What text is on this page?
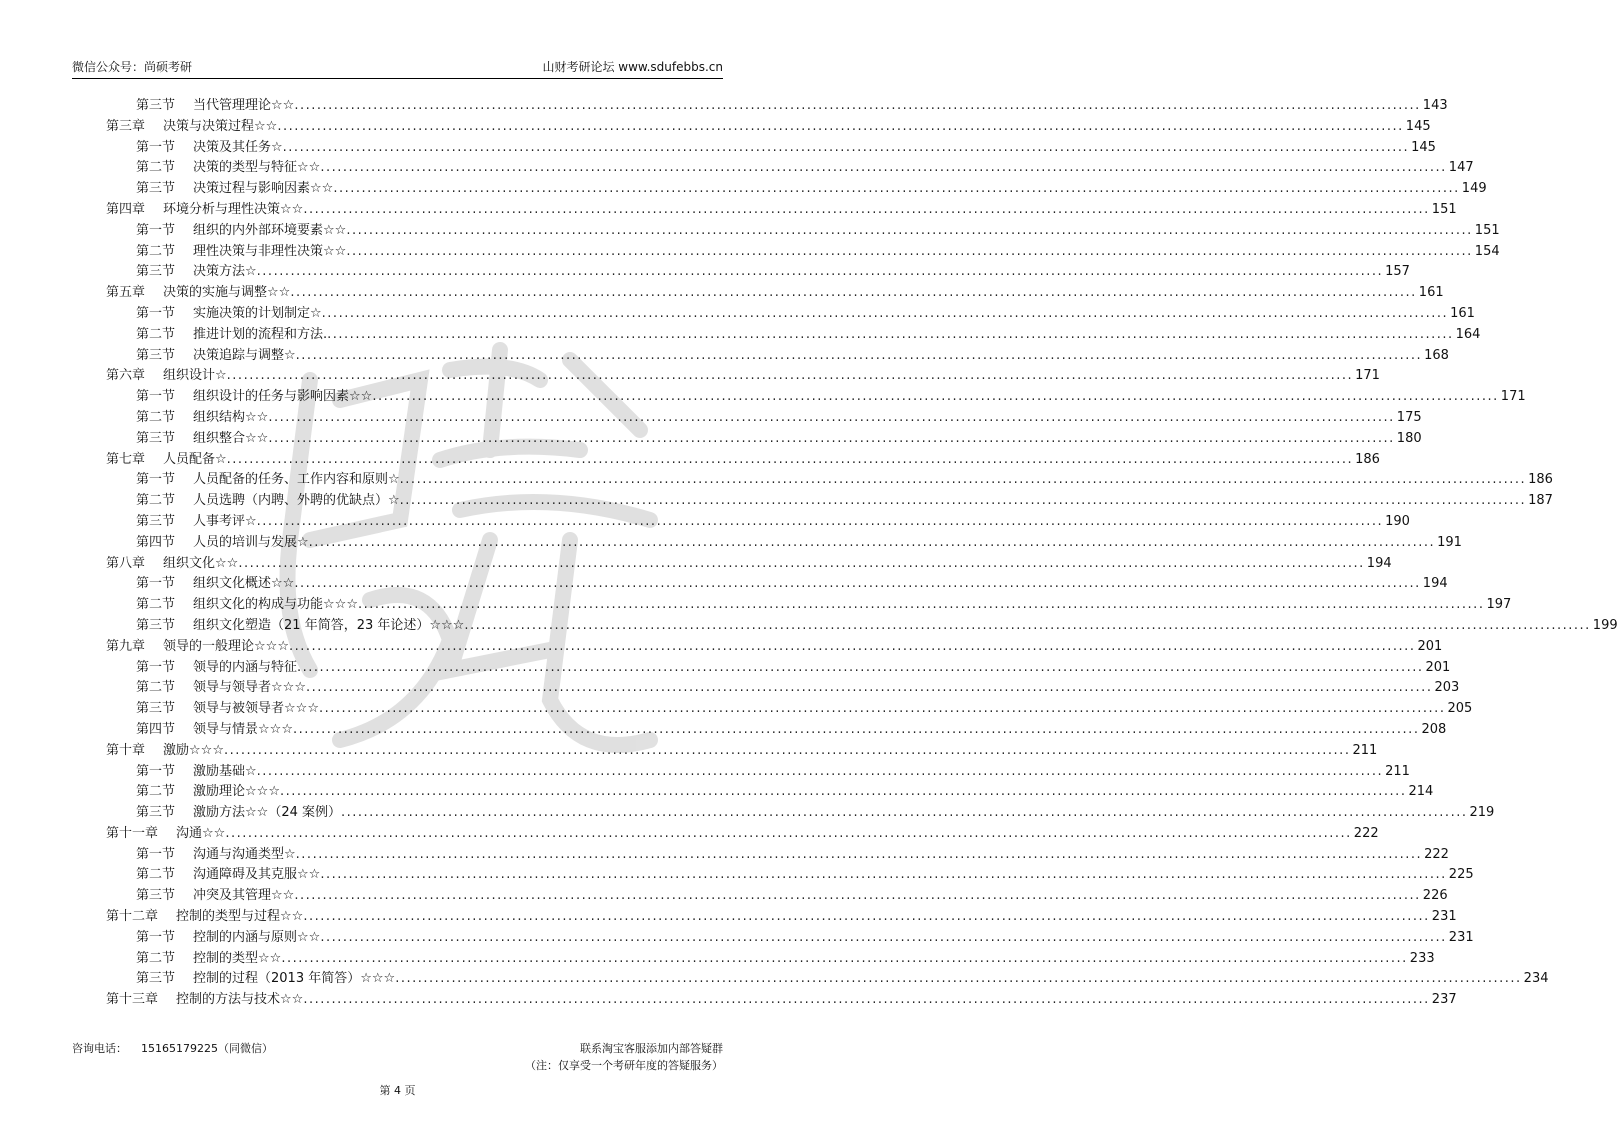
微信公众号：尚硕考研	山财考研论坛 www.sdufebbs.cn
第三节 当代管理理论☆☆ ........................................................................................................................................................................................................ 143
第三章 决策与决策过程☆☆ ........................................................................................................................................................................................................ 145
第一节 决策及其任务☆ ........................................................................................................................................................................................................ 145
第二节 决策的类型与特征☆☆ ........................................................................................................................................................................................................ 147
第三节 决策过程与影响因素☆☆ ........................................................................................................................................................................................................ 149
第四章 环境分析与理性决策☆☆ ........................................................................................................................................................................................................ 151
第一节 组织的内外部环境要素☆☆ ........................................................................................................................................................................................................ 151
第二节 理性决策与非理性决策☆☆ ........................................................................................................................................................................................................ 154
第三节 决策方法☆ ........................................................................................................................................................................................................ 157
第五章 决策的实施与调整☆☆ ........................................................................................................................................................................................................ 161
第一节 实施决策的计划制定☆ ........................................................................................................................................................................................................ 161
第二节 推进计划的流程和方法. ........................................................................................................................................................................................................ 164
第三节 决策追踪与调整☆ ........................................................................................................................................................................................................ 168
第六章 组织设计☆ ........................................................................................................................................................................................................ 171
第一节 组织设计的任务与影响因素☆☆ ........................................................................................................................................................................................................ 171
第二节 组织结构☆☆ ........................................................................................................................................................................................................ 175
第三节 组织整合☆☆ ........................................................................................................................................................................................................ 180
第七章 人员配备☆ ........................................................................................................................................................................................................ 186
第一节 人员配备的任务、工作内容和原则☆ ........................................................................................................................................................................................................ 186
第二节 人员选聘（内聘、外聘的优缺点）☆ ........................................................................................................................................................................................................ 187
第三节 人事考评☆ ........................................................................................................................................................................................................ 190
第四节 人员的培训与发展☆ ........................................................................................................................................................................................................ 191
第八章 组织文化☆☆ ........................................................................................................................................................................................................ 194
第一节 组织文化概述☆☆ ........................................................................................................................................................................................................ 194
第二节 组织文化的构成与功能☆☆☆ ........................................................................................................................................................................................................ 197
第三节 组织文化塑造（21 年简答，23 年论述）☆☆☆ ........................................................................................................................................................................................................ 199
第九章 领导的一般理论☆☆☆ ........................................................................................................................................................................................................ 201
第一节 领导的内涵与特征 ........................................................................................................................................................................................................ 201
第二节 领导与领导者☆☆☆ ........................................................................................................................................................................................................ 203
第三节 领导与被领导者☆☆☆ ........................................................................................................................................................................................................ 205
第四节 领导与情景☆☆☆ ........................................................................................................................................................................................................ 208
第十章 激励☆☆☆ ........................................................................................................................................................................................................ 211
第一节 激励基础☆ ........................................................................................................................................................................................................ 211
第二节 激励理论☆☆☆ ........................................................................................................................................................................................................ 214
第三节 激励方法☆☆（24 案例） ........................................................................................................................................................................................................ 219
第十一章 沟通☆☆ ........................................................................................................................................................................................................ 222
第一节 沟通与沟通类型☆ ........................................................................................................................................................................................................ 222
第二节 沟通障碍及其克服☆☆ ........................................................................................................................................................................................................ 225
第三节 冲突及其管理☆☆ ........................................................................................................................................................................................................ 226
第十二章 控制的类型与过程☆☆ ........................................................................................................................................................................................................ 231
第一节 控制的内涵与原则☆☆ ........................................................................................................................................................................................................ 231
第二节 控制的类型☆☆ ........................................................................................................................................................................................................ 233
第三节 控制的过程（2013 年简答）☆☆☆ ........................................................................................................................................................................................................ 234
第十三章 控制的方法与技术☆☆ ........................................................................................................................................................................................................ 237
咨询电话： 15165179225（同微信）	联系淘宝客服添加内部答疑群
（注：仅享受一个考研年度的答疑服务）
第 4 页
